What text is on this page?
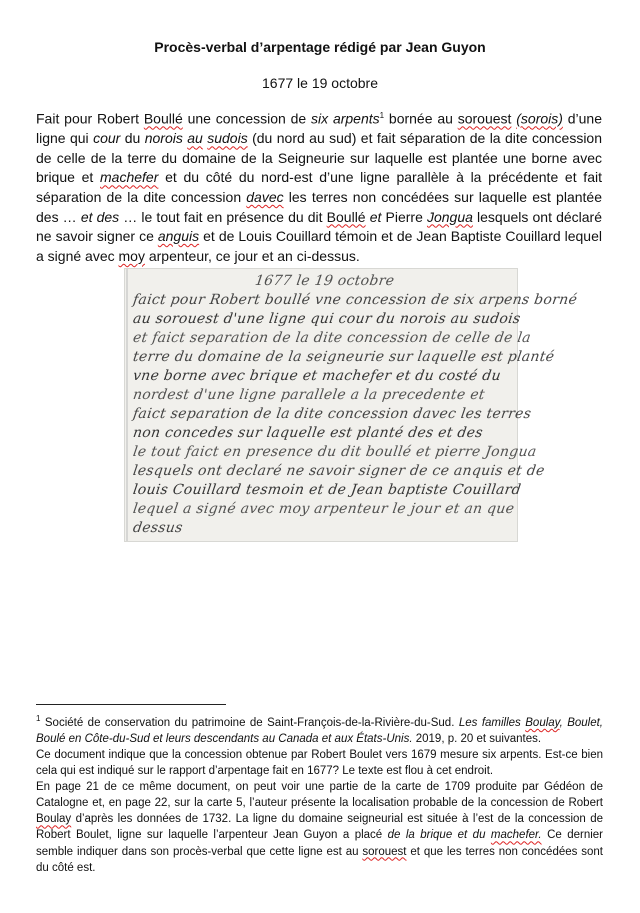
Procès-verbal d’arpentage rédigé par Jean Guyon
1677 le 19 octobre
Fait pour Robert Boullé une concession de six arpents$^1$ bornée au sorouest (sorois) d’une ligne qui cour du norois au sudois (du nord au sud) et fait séparation de la dite concession de celle de la terre du domaine de la Seigneurie sur laquelle est plantée une borne avec brique et machefer et du côté du nord-est d’une ligne parallèle à la précédente et fait séparation de la dite concession davec les terres non concédées sur laquelle est plantée des … et des … le tout fait en présence du dit Boullé et Pierre Jongua lesquels ont déclaré ne savoir signer ce anguis et de Louis Couillard témoin et de Jean Baptiste Couillard lequel a signé avec moy arpenteur, ce jour et an ci-dessus.
1677 le 19 octobre
faict pour Robert boullé vne concession de six arpens borné
au sorouest d'une ligne qui cour du norois au sudois
et faict separation de la dite concession de celle de la
terre du domaine de la seigneurie sur laquelle est planté
vne borne avec brique et machefer et du costé du
nordest d'une ligne parallele a la precedente et
faict separation de la dite concession davec les terres
non concedes sur laquelle est planté des et des
le tout faict en presence du dit boullé et pierre Jongua
lesquels ont declaré ne savoir signer de ce anquis et de
louis Couillard tesmoin et de Jean baptiste Couillard
lequel a signé avec moy arpenteur le jour et an que
dessus

$^1$ Société de conservation du patrimoine de Saint-François-de-la-Rivière-du-Sud. Les familles Boulay, Boulet, Boulé en Côte-du-Sud et leurs descendants au Canada et aux États-Unis. 2019, p. 20 et suivantes.

Ce document indique que la concession obtenue par Robert Boulet vers 1679 mesure six arpents. Est-ce bien cela qui est indiqué sur le rapport d’arpentage fait en 1677? Le texte est flou à cet endroit.

En page 21 de ce même document, on peut voir une partie de la carte de 1709 produite par Gédéon de Catalogne et, en page 22, sur la carte 5, l’auteur présente la localisation probable de la concession de Robert Boulay d’après les données de 1732. La ligne du domaine seigneurial est située à l’est de la concession de Robert Boulet, ligne sur laquelle l’arpenteur Jean Guyon a placé de la brique et du machefer. Ce dernier semble indiquer dans son procès-verbal que cette ligne est au sorouest et que les terres non concédées sont du côté est.
